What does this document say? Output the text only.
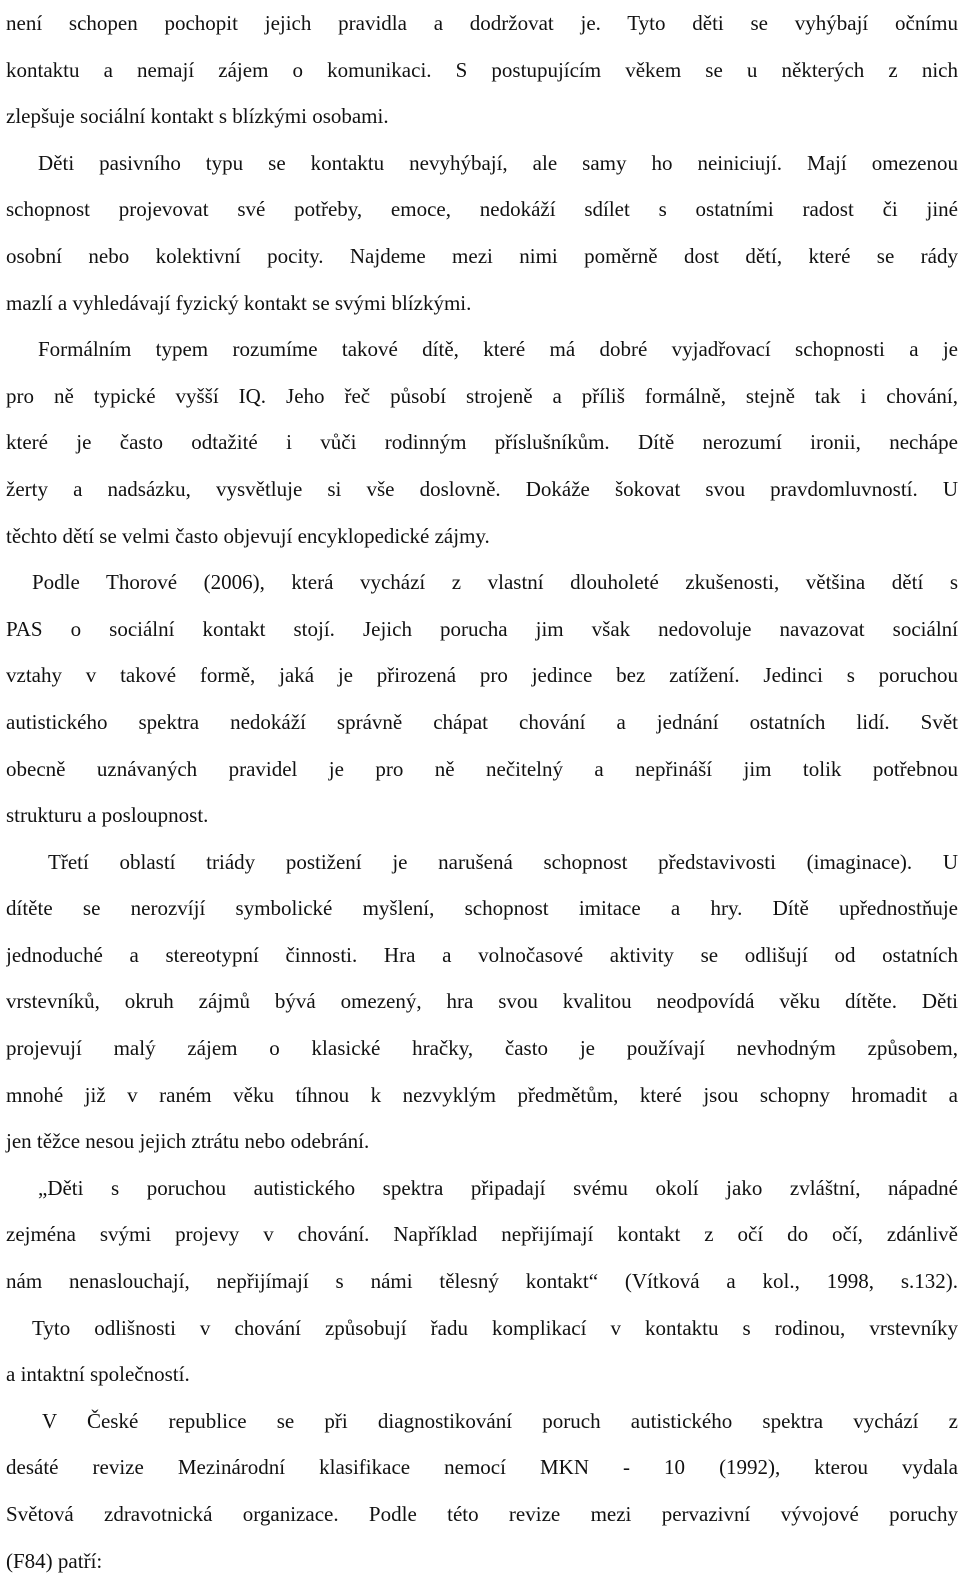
není schopen pochopit jejich pravidla a dodržovat je. Tyto děti se vyhýbají očnímu
kontaktu a nemají zájem o komunikaci. S postupujícím věkem se u některých z nich
zlepšuje sociální kontakt s blízkými osobami.
Děti pasivního typu se kontaktu nevyhýbají, ale samy ho neiniciují. Mají omezenou
schopnost projevovat své potřeby, emoce, nedokáží sdílet s ostatními radost či jiné
osobní nebo kolektivní pocity. Najdeme mezi nimi poměrně dost dětí, které se rády
mazlí a vyhledávají fyzický kontakt se svými blízkými.
Formálním typem rozumíme takové dítě, které má dobré vyjadřovací schopnosti a je
pro ně typické vyšší IQ. Jeho řeč působí strojeně a příliš formálně, stejně tak i chování,
které je často odtažité i vůči rodinným příslušníkům. Dítě nerozumí ironii, nechápe
žerty a nadsázku, vysvětluje si vše doslovně. Dokáže šokovat svou pravdomluvností. U
těchto dětí se velmi často objevují encyklopedické zájmy.
Podle Thorové (2006), která vychází z vlastní dlouholeté zkušenosti, většina dětí s
PAS o sociální kontakt stojí. Jejich porucha jim však nedovoluje navazovat sociální
vztahy v takové formě, jaká je přirozená pro jedince bez zatížení. Jedinci s poruchou
autistického spektra nedokáží správně chápat chování a jednání ostatních lidí. Svět
obecně uznávaných pravidel je pro ně nečitelný a nepřináší jim tolik potřebnou
strukturu a posloupnost.
Třetí oblastí triády postižení je narušená schopnost představivosti (imaginace). U
dítěte se nerozvíjí symbolické myšlení, schopnost imitace a hry. Dítě upřednostňuje
jednoduché a stereotypní činnosti. Hra a volnočasové aktivity se odlišují od ostatních
vrstevníků, okruh zájmů bývá omezený, hra svou kvalitou neodpovídá věku dítěte. Děti
projevují malý zájem o klasické hračky, často je používají nevhodným způsobem,
mnohé již v raném věku tíhnou k nezvyklým předmětům, které jsou schopny hromadit a
jen těžce nesou jejich ztrátu nebo odebrání.
„Děti s poruchou autistického spektra připadají svému okolí jako zvláštní, nápadné
zejména svými projevy v chování. Například nepřijímají kontakt z očí do očí, zdánlivě
nám nenaslouchají, nepřijímají s námi tělesný kontakt“ (Vítková a kol., 1998, s.132).
Tyto odlišnosti v chování způsobují řadu komplikací v kontaktu s rodinou, vrstevníky
a intaktní společností.
V České republice se při diagnostikování poruch autistického spektra vychází z
desáté revize Mezinárodní klasifikace nemocí MKN - 10 (1992), kterou vydala
Světová zdravotnická organizace. Podle této revize mezi pervazivní vývojové poruchy
(F84) patří:
